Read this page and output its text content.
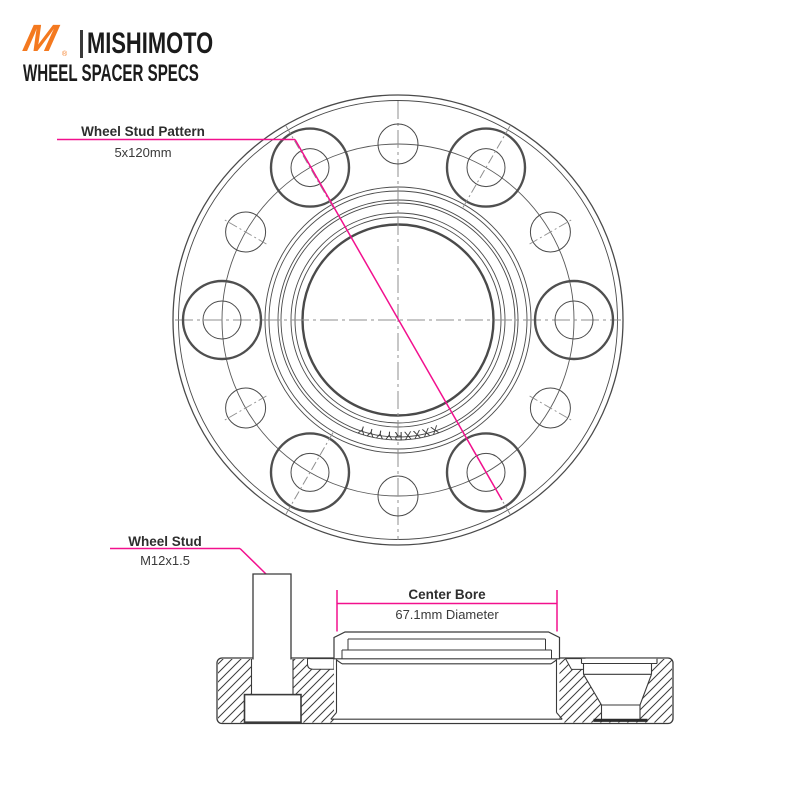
XXXXRYYYY
M ® MISHIMOTO
WHEEL SPACER SPECS
Wheel Stud Pattern
5x120mm
Wheel Stud
M12x1.5
Center Bore
67.1mm Diameter
